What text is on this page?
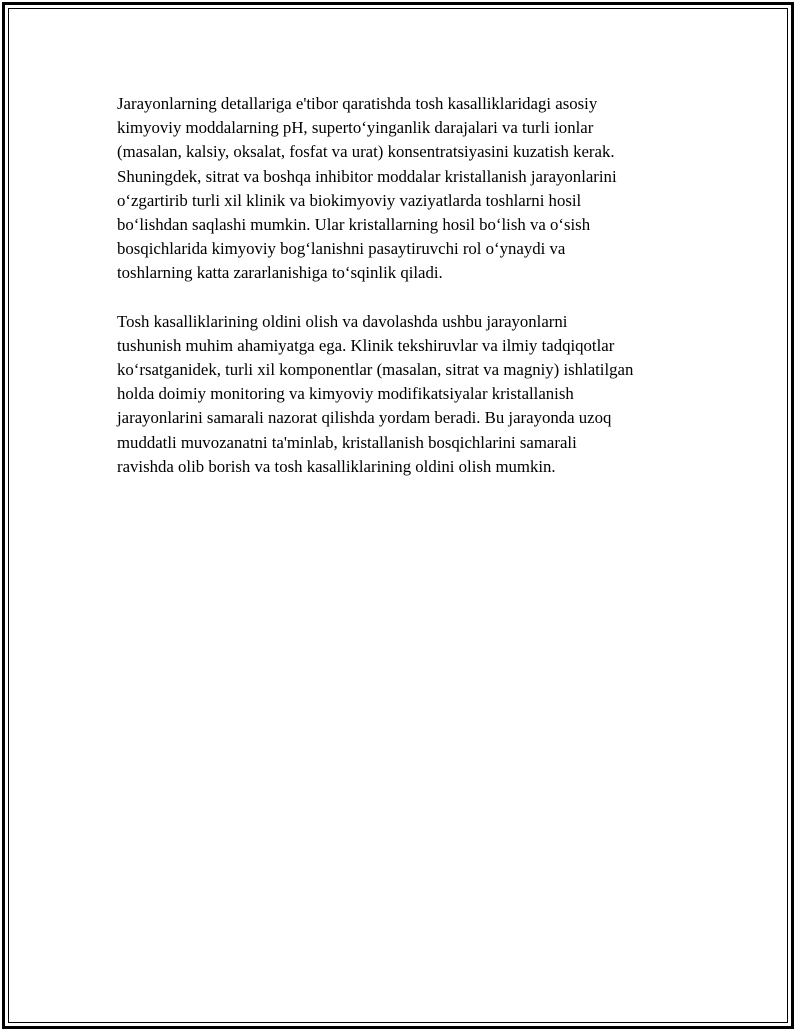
Jarayonlarning detallariga e'tibor qaratishda tosh kasalliklaridagi asosiy
kimyoviy moddalarning pH, superto‘yinganlik darajalari va turli ionlar
(masalan, kalsiy, oksalat, fosfat va urat) konsentratsiyasini kuzatish kerak.
Shuningdek, sitrat va boshqa inhibitor moddalar kristallanish jarayonlarini
o‘zgartirib turli xil klinik va biokimyoviy vaziyatlarda toshlarni hosil
bo‘lishdan saqlashi mumkin. Ular kristallarning hosil bo‘lish va o‘sish
bosqichlarida kimyoviy bog‘lanishni pasaytiruvchi rol o‘ynaydi va
toshlarning katta zararlanishiga to‘sqinlik qiladi.

Tosh kasalliklarining oldini olish va davolashda ushbu jarayonlarni
tushunish muhim ahamiyatga ega. Klinik tekshiruvlar va ilmiy tadqiqotlar
ko‘rsatganidek, turli xil komponentlar (masalan, sitrat va magniy) ishlatilgan
holda doimiy monitoring va kimyoviy modifikatsiyalar kristallanish
jarayonlarini samarali nazorat qilishda yordam beradi. Bu jarayonda uzoq
muddatli muvozanatni ta'minlab, kristallanish bosqichlarini samarali
ravishda olib borish va tosh kasalliklarining oldini olish mumkin.
